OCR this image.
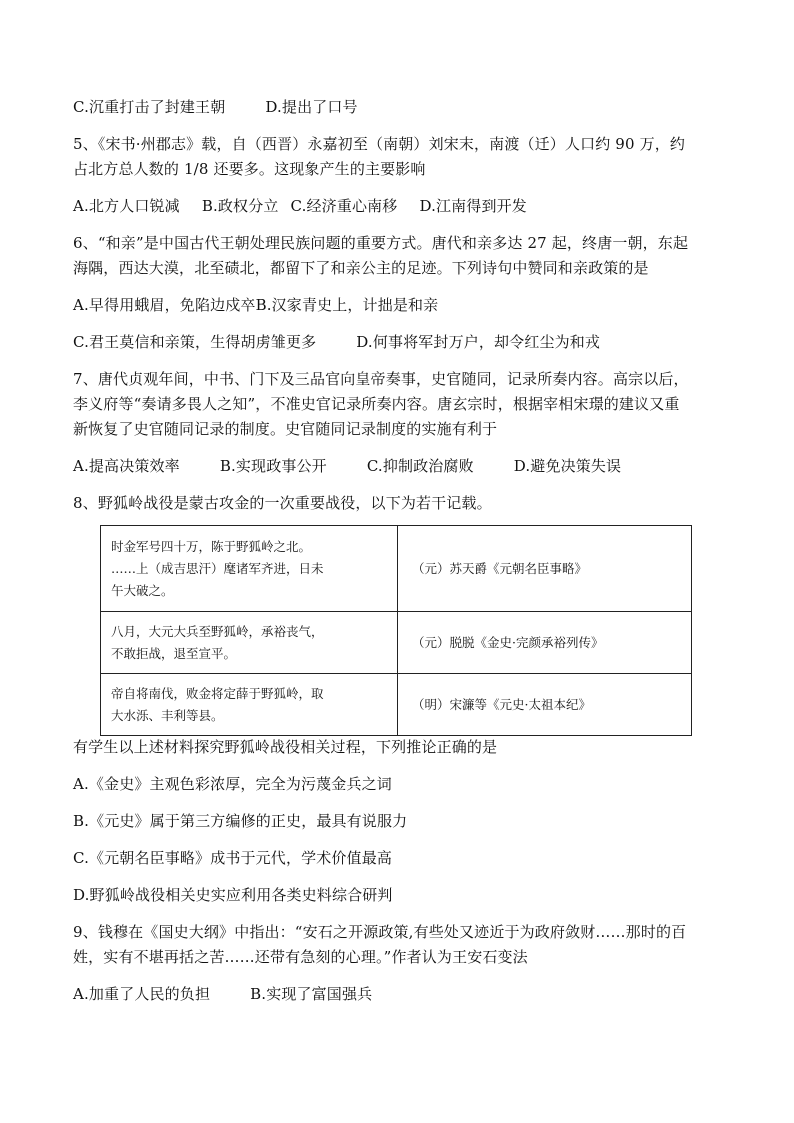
C.沉重打击了封建王朝	D.提出了口号
5、《宋书·州郡志》载，自（西晋）永嘉初至（南朝）刘宋末，南渡（迁）人口约 90 万，约
占北方总人数的 1/8 还要多。这现象产生的主要影响
A.北方人口锐减 B.政权分立 C.经济重心南移 D.江南得到开发
6、“和亲”是中国古代王朝处理民族问题的重要方式。唐代和亲多达 27 起，终唐一朝，东起
海隅，西达大漠，北至碛北，都留下了和亲公主的足迹。下列诗句中赞同和亲政策的是
A.早得用蛾眉，免陷边戍卒B.汉家青史上，计拙是和亲
C.君王莫信和亲策，生得胡虏雏更多	D.何事将军封万户，却令红尘为和戎
7、唐代贞观年间，中书、门下及三品官向皇帝奏事，史官随同，记录所奏内容。高宗以后，
李义府等“奏请多畏人之知”，不准史官记录所奏内容。唐玄宗时，根据宰相宋璟的建议又重
新恢复了史官随同记录的制度。史官随同记录制度的实施有利于
A.提高决策效率	B.实现政事公开	C.抑制政治腐败	D.避免决策失误
8、野狐岭战役是蒙古攻金的一次重要战役，以下为若干记载。
时金军号四十万，陈于野狐岭之北。
……上（成吉思汗）麾诸军齐进，日未
午大破之。	（元）苏天爵《元朝名臣事略》

八月，大元大兵至野狐岭，承裕丧气，
不敢拒战，退至宣平。	（元）脱脱《金史·完颜承裕列传》

帝自将南伐，败金将定薛于野狐岭，取
大水泺、丰利等县。	（明）宋濂等《元史·太祖本纪》
有学生以上述材料探究野狐岭战役相关过程，下列推论正确的是
A.《金史》主观色彩浓厚，完全为污蔑金兵之词
B.《元史》属于第三方编修的正史，最具有说服力
C.《元朝名臣事略》成书于元代，学术价值最高
D.野狐岭战役相关史实应利用各类史料综合研判
9、钱穆在《国史大纲》中指出：“安石之开源政策,有些处又迹近于为政府敛财……那时的百
姓，实有不堪再括之苦……还带有急刻的心理。”作者认为王安石变法
A.加重了人民的负担	B.实现了富国强兵
